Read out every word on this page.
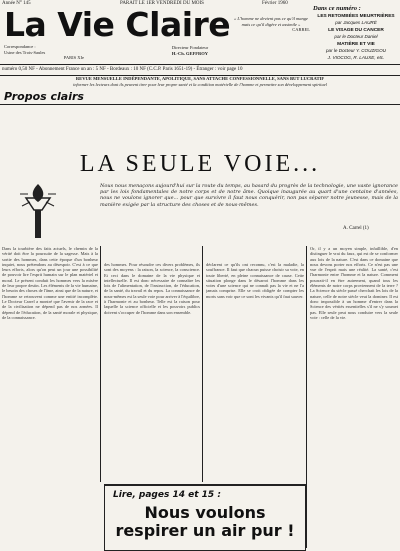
Année N° 145	PARAIT LE 1ER VENDREDI DU MOIS	Février 1960
La Vie Claire
Correspondance :
Usine des Trois-Saules
PARIS XIe
Directeur Fondateur
H.-Ch. GEFFROY
« L'homme ne devient pas ce qu'il mange mais ce qu'il digère et assimile »
CARREL
Dans ce numéro :
LES RETOMBÉES MEURTRIÈRES
par Jacques LAURÉ
LE VISAGE DU CANCER
par le Docteur Daniel
MATIÈRE ET VIE
par le Docteur Y. COUZIGOU
J. VIOCOG, R. LAUXE, etc.
numéro 0,50 NF - Abonnement France un an : 5 NF - Bordeaux : 10 NF (C.C.P. Paris 1651-19) - Étranger : voir page 10
REVUE MENSUELLE INDÉPENDANTE, APOLITIQUE, SANS ATTACHE CONFESSIONNELLE, SANS BUT LUCRATIF
informer les lecteurs dont ils peuvent tirer pour leur propre santé et la condition matérielle de l'homme et permettre son développement spirituel
Propos clairs
LA SEULE VOIE...
Nous nous menaçons aujourd'hui sur la route du temps, au hasard du progrès de la technologie, une vaste ignorance par les lois fondamentales de notre corps et de notre âme. Quoique inaugurée au quart d'une centaine d'années, nous ne voulons ignorer que... pour que survivre il faut nous conquérir, non pas séparer notre jeunesse, mais de la manière exigée par la structure des choses et de nous-mêmes.
A. Carrel (1)
Dans la tourbière des faits actuels, le chemin de la vérité doit être la poursuite de la sagesse. Mais à la sortie des hommes, dans cette époque d'un bonheur inquiet, nous prétendons au désespoir. C'est à ce que leurs efforts, alors qu'on peut un jour une possibilité de pouvoir lire l'esprit humain sur le plan matériel et moral. Le présent conduit les hommes vers la misère de leur propre destin. Les éléments de la vie humaine, le besoin des choses de l'âme, ainsi que de la nature, et l'homme se retrouvent comme une entité incomplète. Le Docteur Carrel a montré que l'avenir de la race et de la civilisation ne dépend pas de nos armées. Il dépend de l'éducation, de la santé morale et physique, de la connaissance.
des hommes. Pour résoudre ces divers problèmes, ils sont des moyens : la raison, la science, la conscience. Et ceci dans le domaine de la vie physique et intellectuelle. Il est donc nécessaire de connaître les lois de l'alimentation, de l'instruction, de l'éducation, de la santé, du travail et du repos. La connaissance de nous-mêmes est la seule voie pour arriver à l'équilibre, à l'harmonie et au bonheur. Telle est la raison pour laquelle la science officielle et les pouvoirs publics doivent s'occuper de l'homme dans son ensemble.
déclarent ce qu'ils ont reconnu, c'est la maladie, la souffrance. Il faut que chacun puisse choisir sa voie, en toute liberté, en pleine connaissance de cause. Cette situation plonge dans le désarroi l'homme dans les voies d'une science qui ne connaît pas la vie et ne l'a jamais comprise. Elle se croit obligée de compter les morts sans voir que ce sont les vivants qu'il faut sauver.
Or, il y a un moyen simple, infaillible, d'en distinguer le vrai du faux, qui est de se conformer aux lois de la nature. C'est dans ce domaine que nous devons porter nos efforts. Ce n'est pas une vue de l'esprit mais une réalité. La santé, c'est l'harmonie entre l'homme et la nature. Comment pourrait-il en être autrement, quand tous les éléments de notre corps proviennent de la terre ? La Science du siècle passé cherchait les lois de la nature, celle de notre siècle veut la dominer. Il est donc impossible à un homme d'entrer dans la Science des vérités essentielles s'il ne s'y soumet pas. Elle seule peut nous conduire vers la seule voie : celle de la vie.
Lire, pages 14 et 15 :
Nous voulons
respirer un air pur !
